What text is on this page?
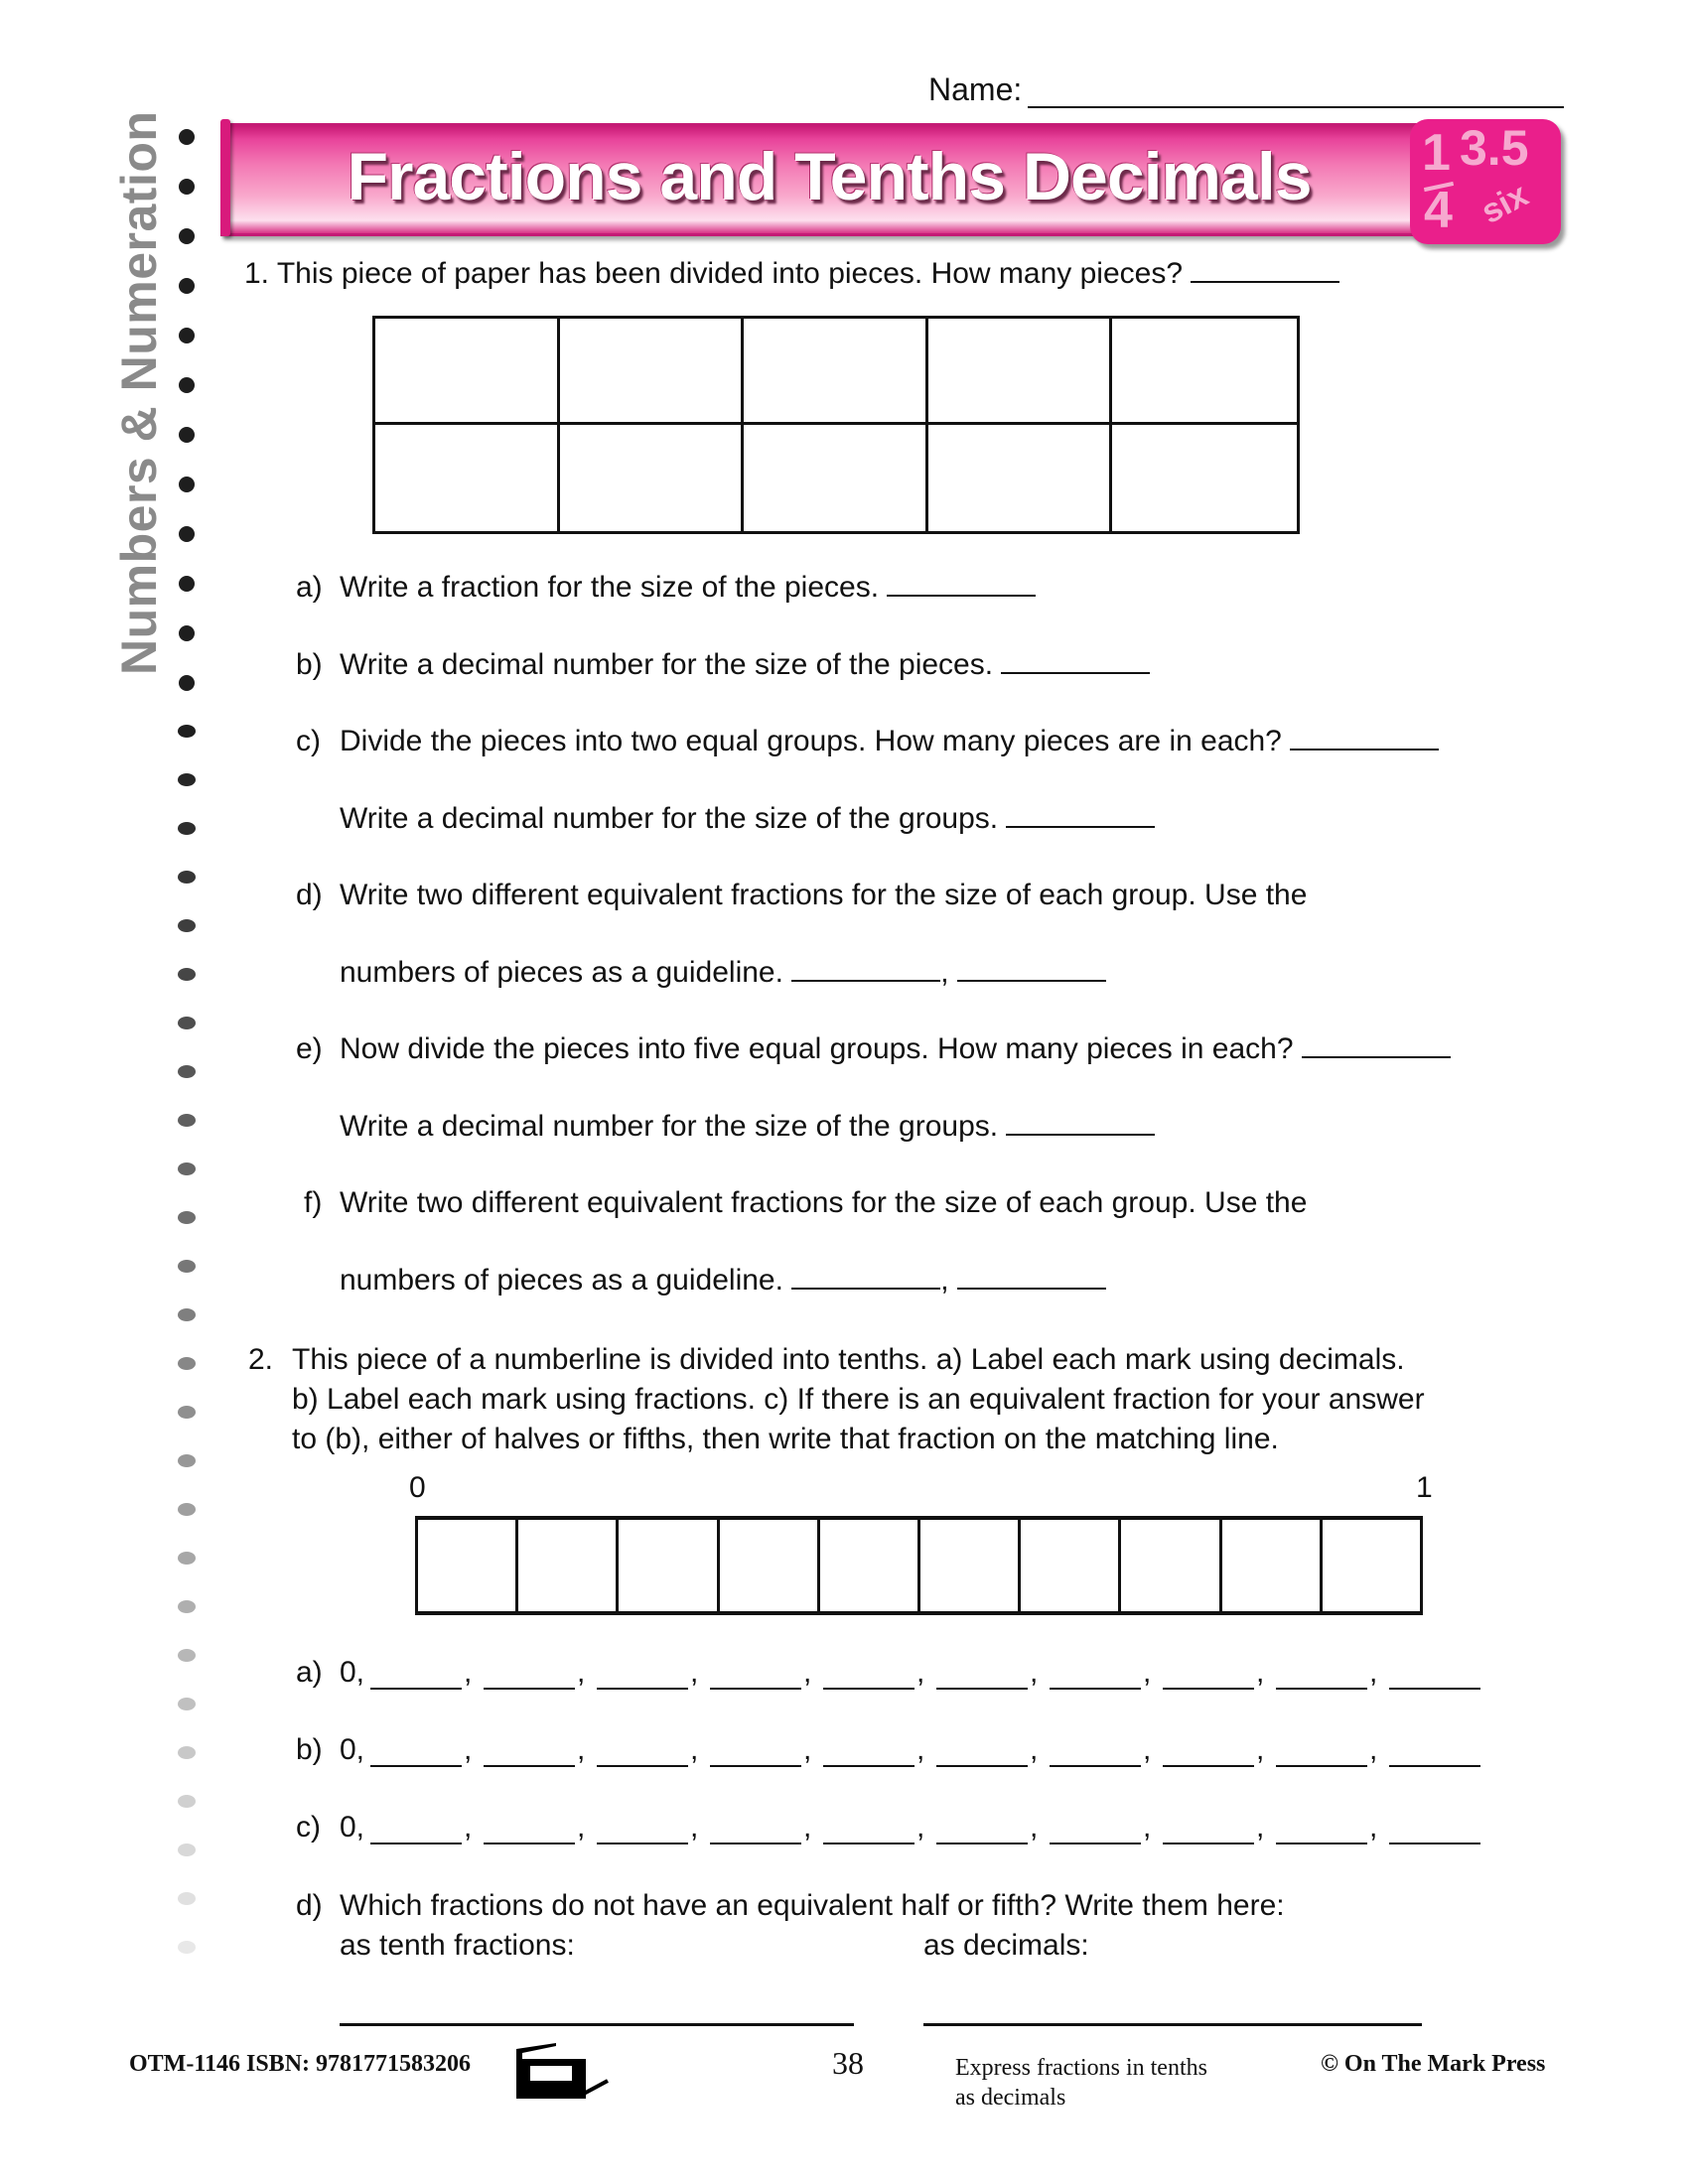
Name:
Numbers & Numeration	Fractions and Tenths Decimals	1
4
3.5
six
1. This piece of paper has been divided into pieces. How many pieces?
a) Write a fraction for the size of the pieces.
b) Write a decimal number for the size of the pieces.
c) Divide the pieces into two equal groups. How many pieces are in each?
Write a decimal number for the size of the groups.
d) Write two different equivalent fractions for the size of each group. Use the
numbers of pieces as a guideline.	,
e) Now divide the pieces into five equal groups. How many pieces in each?
Write a decimal number for the size of the groups.
f) Write two different equivalent fractions for the size of each group. Use the
numbers of pieces as a guideline.	,
2. This piece of a numberline is divided into tenths. a) Label each mark using decimals.
b) Label each mark using fractions. c) If there is an equivalent fraction for your answer
to (b), either of halves or fifths, then write that fraction on the matching line.
0	1
a) 0,	,	,	,	,	,	,	,	,	,
b) 0,	,	,	,	,	,	,	,	,	,
c) 0,	,	,	,	,	,	,	,	,	,
d) Which fractions do not have an equivalent half or fifth? Write them here:
as tenth fractions:	as decimals:
OTM-1146 ISBN: 9781771583206	38	Express fractions in tenths
as decimals
© On The Mark Press
